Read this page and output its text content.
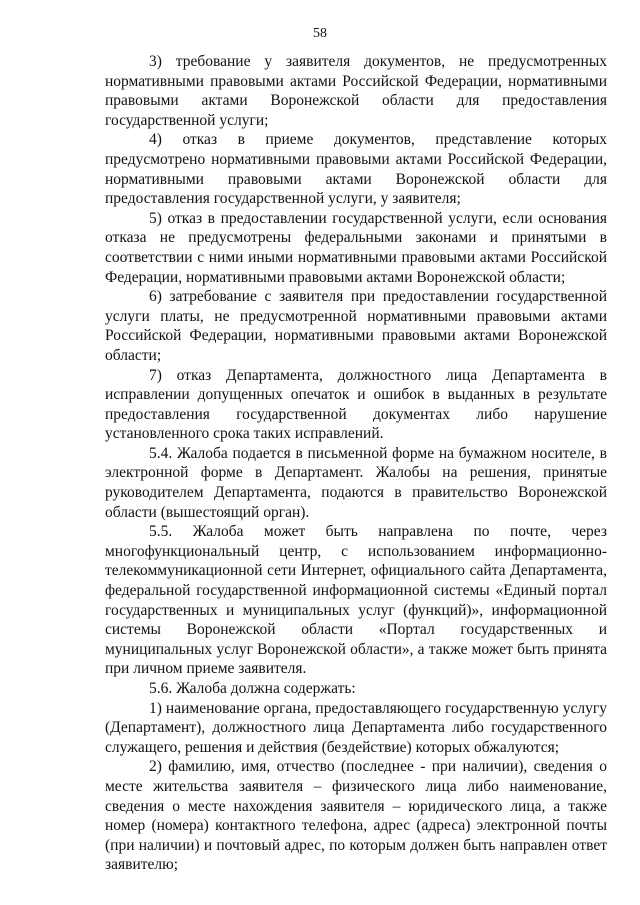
58

3) требование у заявителя документов, не предусмотренных нормативными правовыми актами Российской Федерации, нормативными правовыми актами Воронежской области для предоставления государственной услуги;

4) отказ в приеме документов, представление которых предусмотрено нормативными правовыми актами Российской Федерации, нормативными правовыми актами Воронежской области для предоставления государственной услуги, у заявителя;

5) отказ в предоставлении государственной услуги, если основания отказа не предусмотрены федеральными законами и принятыми в соответствии с ними иными нормативными правовыми актами Российской Федерации, нормативными правовыми актами Воронежской области;

6) затребование с заявителя при предоставлении государственной услуги платы, не предусмотренной нормативными правовыми актами Российской Федерации, нормативными правовыми актами Воронежской области;

7) отказ Департамента, должностного лица Департамента в исправлении допущенных опечаток и ошибок в выданных в результате предоставления государственной документах либо нарушение установленного срока таких исправлений.

5.4. Жалоба подается в письменной форме на бумажном носителе, в электронной форме в Департамент. Жалобы на решения, принятые руководителем Департамента, подаются в правительство Воронежской области (вышестоящий орган).

5.5. Жалоба может быть направлена по почте, через многофункциональный центр, с использованием информационно-телекоммуникационной сети Интернет, официального сайта Департамента, федеральной государственной информационной системы «Единый портал государственных и муниципальных услуг (функций)», информационной системы Воронежской области «Портал государственных и муниципальных услуг Воронежской области», а также может быть принята при личном приеме заявителя.

5.6. Жалоба должна содержать:

1) наименование органа, предоставляющего государственную услугу (Департамент), должностного лица Департамента либо государственного служащего, решения и действия (бездействие) которых обжалуются;

2) фамилию, имя, отчество (последнее - при наличии), сведения о месте жительства заявителя – физического лица либо наименование, сведения о месте нахождения заявителя – юридического лица, а также номер (номера) контактного телефона, адрес (адреса) электронной почты (при наличии) и почтовый адрес, по которым должен быть направлен ответ заявителю;
